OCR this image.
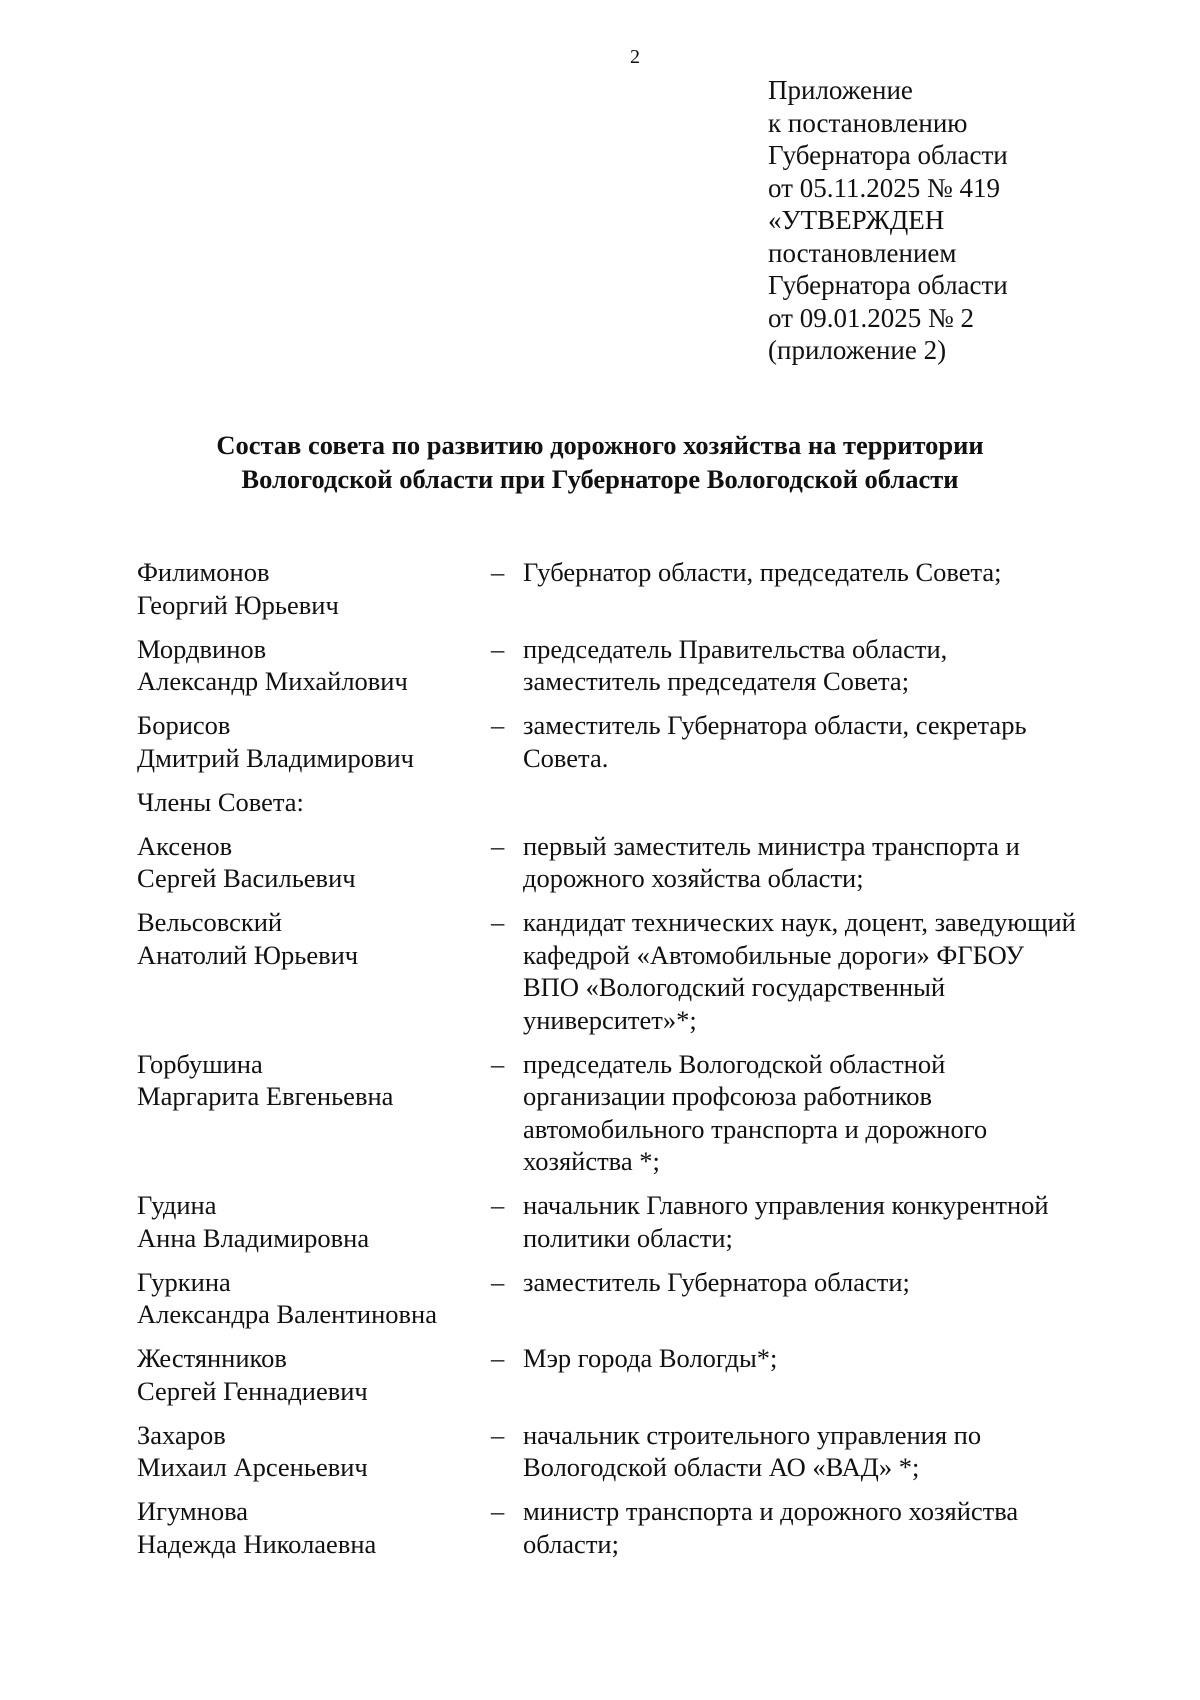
2
Приложение
к постановлению
Губернатора области
от 05.11.2025 № 419
«УТВЕРЖДЕН
постановлением
Губернатора области
от 09.01.2025 № 2
(приложение 2)
Состав совета по развитию дорожного хозяйства на территории
Вологодской области при Губернаторе Вологодской области
Филимонов
Георгий Юрьевич
– Губернатор области, председатель Совета;
Мордвинов
Александр Михайлович
– председатель Правительства области,
заместитель председателя Совета;
Борисов
Дмитрий Владимирович
– заместитель Губернатора области, секретарь
Совета.
Члены Совета:
Аксенов
Сергей Васильевич
– первый заместитель министра транспорта и
дорожного хозяйства области;
Вельсовский
Анатолий Юрьевич
– кандидат технических наук, доцент, заведующий
кафедрой «Автомобильные дороги» ФГБОУ
ВПО «Вологодский государственный
университет»*;
Горбушина
Маргарита Евгеньевна
– председатель Вологодской областной
организации профсоюза работников
автомобильного транспорта и дорожного
хозяйства *;
Гудина
Анна Владимировна
– начальник Главного управления конкурентной
политики области;
Гуркина
Александра Валентиновна
– заместитель Губернатора области;
Жестянников
Сергей Геннадиевич
– Мэр города Вологды*;
Захаров
Михаил Арсеньевич
– начальник строительного управления по
Вологодской области АО «ВАД» *;
Игумнова
Надежда Николаевна
– министр транспорта и дорожного хозяйства
области;
